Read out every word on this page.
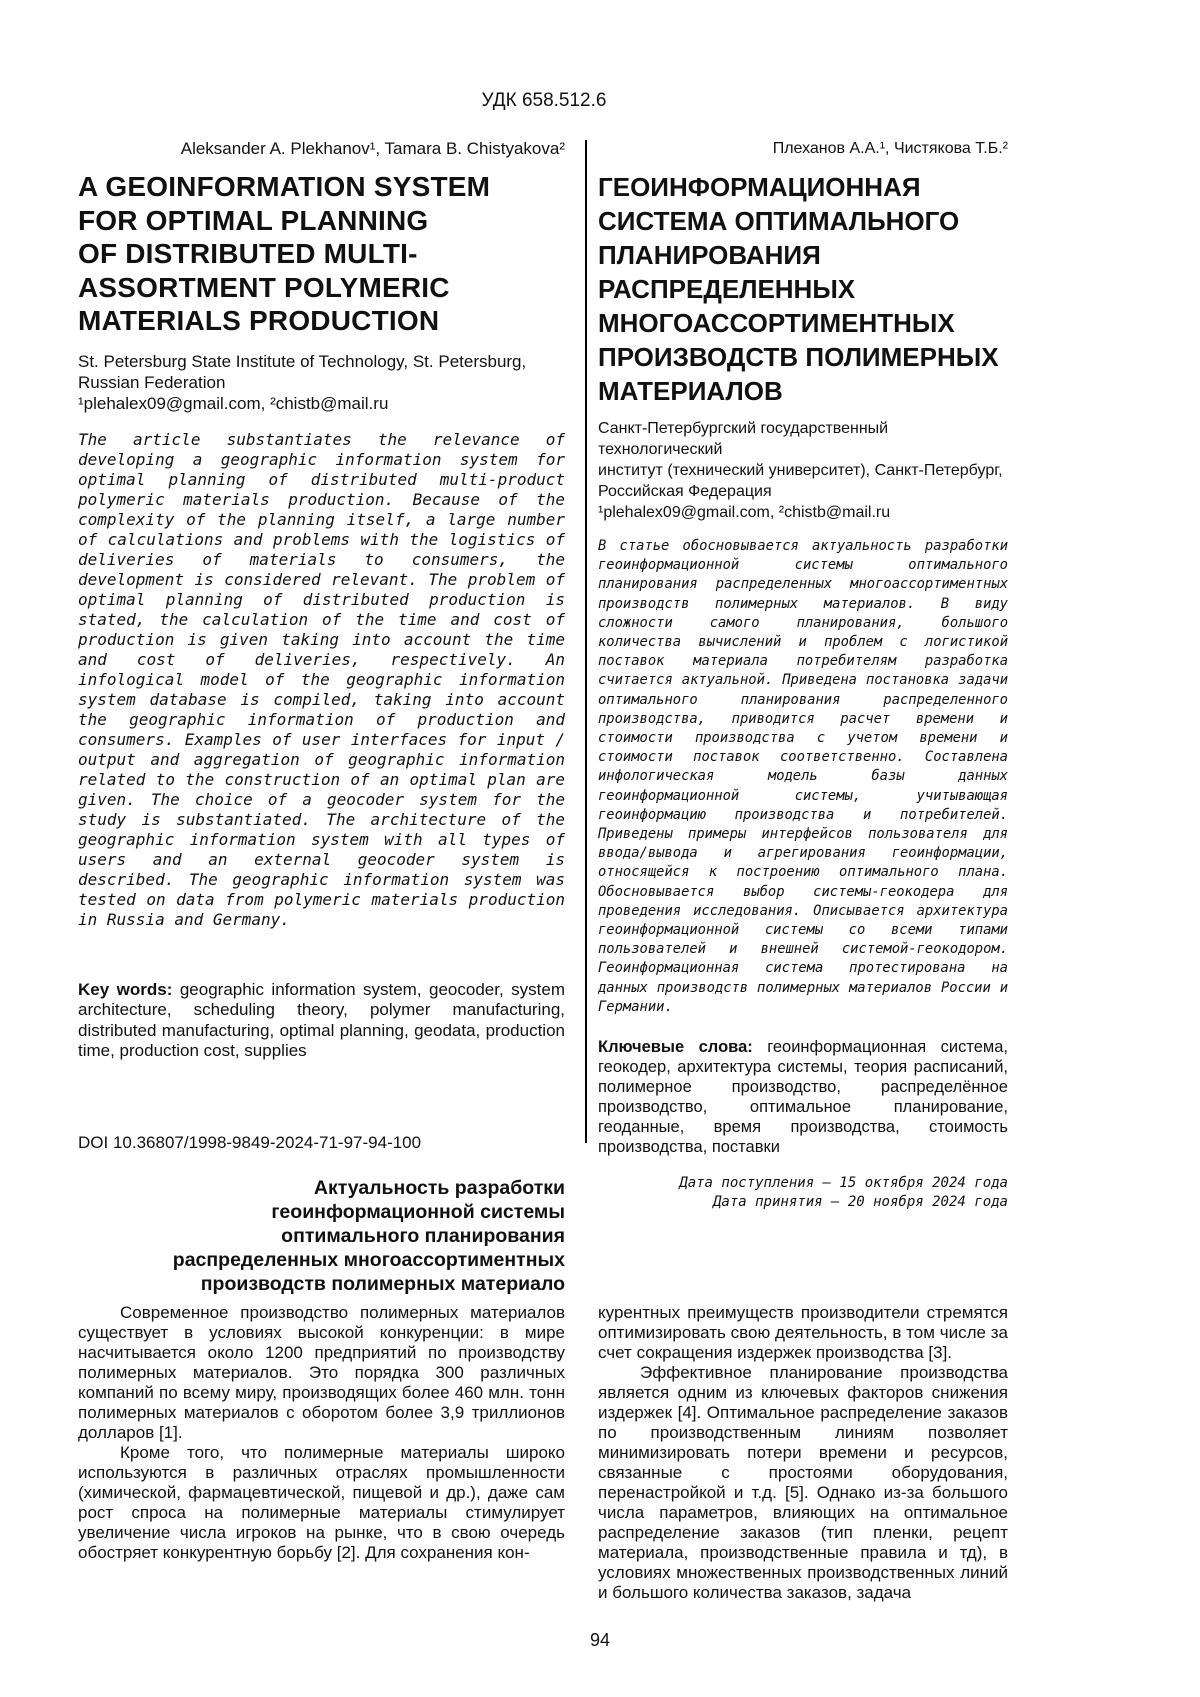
УДК 658.512.6
Aleksander A. Plekhanov¹, Tamara B. Chistyakova²
A GEOINFORMATION SYSTEM
FOR OPTIMAL PLANNING
OF DISTRIBUTED MULTI-
ASSORTMENT POLYMERIC
MATERIALS PRODUCTION
St. Petersburg State Institute of Technology, St. Petersburg,
Russian Federation
¹plehalex09@gmail.com, ²chistb@mail.ru
The article substantiates the relevance of developing a geographic information system for optimal planning of distributed multi-product polymeric materials production. Because of the complexity of the planning itself, a large number of calculations and problems with the logistics of deliveries of materials to consumers, the development is considered relevant. The problem of optimal planning of distributed production is stated, the calculation of the time and cost of production is given taking into account the time and cost of deliveries, respectively. An infological model of the geographic information system database is compiled, taking into account the geographic information of production and consumers. Examples of user interfaces for input / output and aggregation of geographic information related to the construction of an optimal plan are given. The choice of a geocoder system for the study is substantiated. The architecture of the geographic information system with all types of users and an external geocoder system is described. The geographic information system was tested on data from polymeric materials production in Russia and Germany.

Key words: geographic information system, geocoder, system architecture, scheduling theory, polymer manufacturing, distributed manufacturing, optimal planning, geodata, production time, production cost, supplies

Плеханов А.А.¹, Чистякова Т.Б.²
ГЕОИНФОРМАЦИОННАЯ
СИСТЕМА ОПТИМАЛЬНОГО
ПЛАНИРОВАНИЯ
РАСПРЕДЕЛЕННЫХ
МНОГОАССОРТИМЕНТНЫХ
ПРОИЗВОДСТВ ПОЛИМЕРНЫХ
МАТЕРИАЛОВ
Санкт-Петербургский государственный технологический
институт (технический университет), Санкт-Петербург,
Российская Федерация
¹plehalex09@gmail.com, ²chistb@mail.ru
В статье обосновывается актуальность разработки геоинформационной системы оптимального планирования распределенных многоассортиментных производств полимерных материалов. В виду сложности самого планирования, большого количества вычислений и проблем с логистикой поставок материала потребителям разработка считается актуальной. Приведена постановка задачи оптимального планирования распределенного производства, приводится расчет времени и стоимости производства с учетом времени и стоимости поставок соответственно. Составлена инфологическая модель базы данных геоинформационной системы, учитывающая геоинформацию производства и потребителей. Приведены примеры интерфейсов пользователя для ввода/вывода и агрегирования геоинформации, относящейся к построению оптимального плана. Обосновывается выбор системы-геокодера для проведения исследования. Описывается архитектура геоинформационной системы со всеми типами пользователей и внешней системой-геокодором. Геоинформационная система протестирована на данных производств полимерных материалов России и Германии.

Ключевые слова: геоинформационная система, геокодер, архитектура системы, теория расписаний, полимерное производство, распределённое производство, оптимальное планирование, геоданные, время производства, стоимость производства, поставки

Дата поступления – 15 октября 2024 года
Дата принятия – 20 ноября 2024 года
DOI 10.36807/1998-9849-2024-71-97-94-100
Актуальность разработки
геоинформационной системы
оптимального планирования
распределенных многоассортиментных
производств полимерных материало

Современное производство полимерных материалов существует в условиях высокой конкуренции: в мире насчитывается около 1200 предприятий по производству полимерных материалов. Это порядка 300 различных компаний по всему миру, производящих более 460 млн. тонн полимерных материалов с оборотом более 3,9 триллионов долларов [1].

Кроме того, что полимерные материалы широко используются в различных отраслях промышленности (химической, фармацевтической, пищевой и др.), даже сам рост спроса на полимерные материалы стимулирует увеличение числа игроков на рынке, что в свою очередь обостряет конкурентную борьбу [2]. Для сохранения кон-

курентных преимуществ производители стремятся оптимизировать свою деятельность, в том числе за счет сокращения издержек производства [3].

Эффективное планирование производства является одним из ключевых факторов снижения издержек [4]. Оптимальное распределение заказов по производственным линиям позволяет минимизировать потери времени и ресурсов, связанные с простоями оборудования, перенастройкой и т.д. [5]. Однако из-за большого числа параметров, влияющих на оптимальное распределение заказов (тип пленки, рецепт материала, производственные правила и тд), в условиях множественных производственных линий и большого количества заказов, задача

94
